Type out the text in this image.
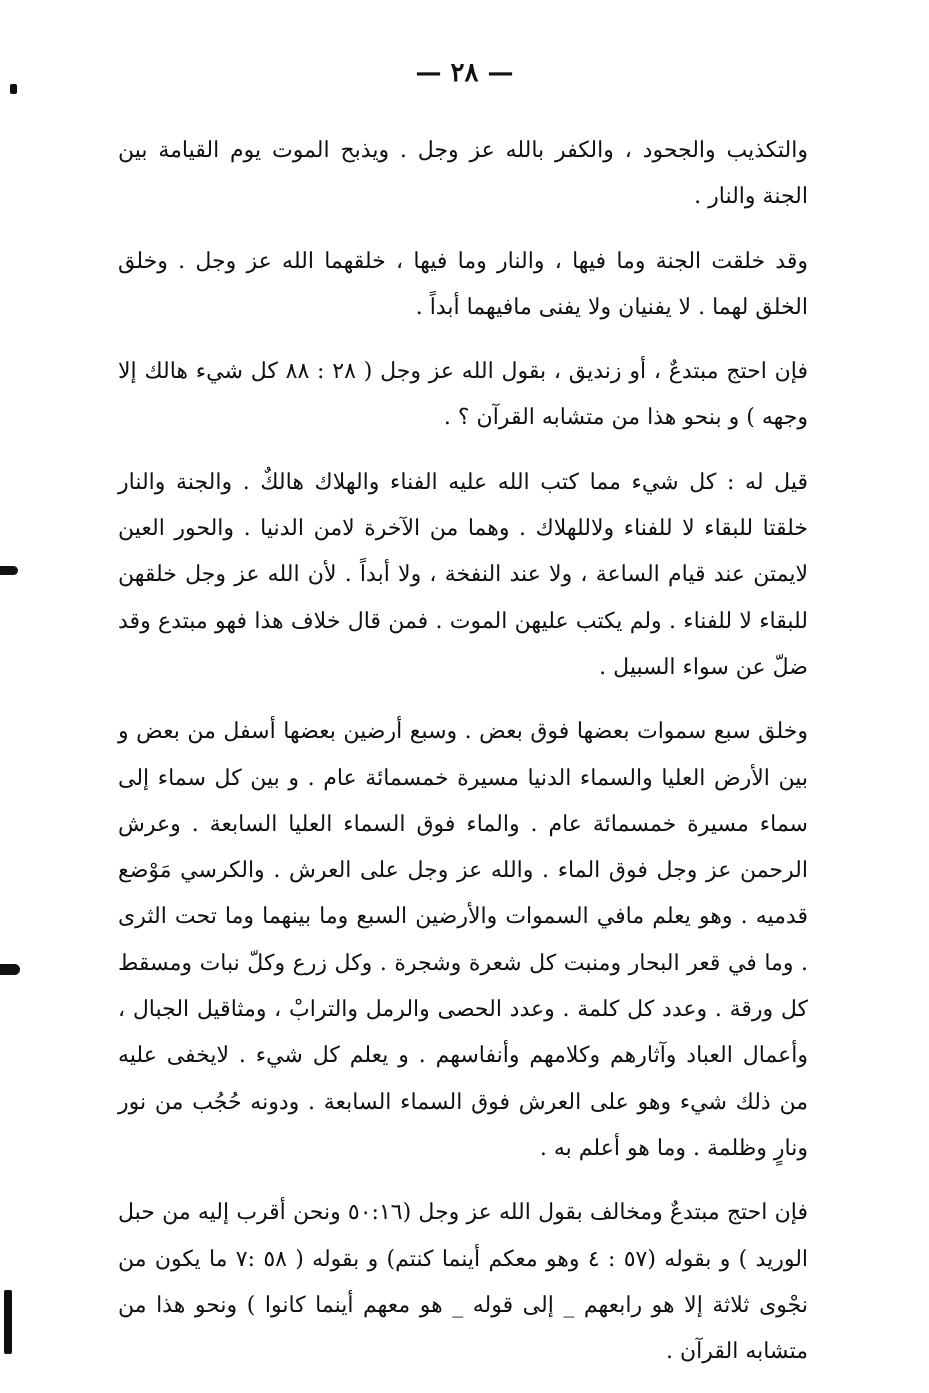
— ٢٨ —

والتكذيب والجحود ، والكفر بالله عز وجل . ويذبح الموت يوم القيامة بين الجنة والنار .

وقد خلقت الجنة وما فيها ، والنار وما فيها ، خلقهما الله عز وجل . وخلق الخلق لهما . لا يفنيان ولا يفنى مافيهما أبداً .

فإن احتج مبتدعٌ ، أو زنديق ، بقول الله عز وجل ( ٢٨ : ٨٨ كل شيء هالك إلا وجهه ) و بنحو هذا من متشابه القرآن ؟ .

قيل له : كل شيء مما كتب الله عليه الفناء والهلاك هالكٌ . والجنة والنار خلقتا للبقاء لا للفناء ولاللهلاك . وهما من الآخرة لامن الدنيا . والحور العين لايمتن عند قيام الساعة ، ولا عند النفخة ، ولا أبداً . لأن الله عز وجل خلقهن للبقاء لا للفناء . ولم يكتب عليهن الموت . فمن قال خلاف هذا فهو مبتدع وقد ضلّ عن سواء السبيل .

وخلق سبع سموات بعضها فوق بعض . وسبع أرضين بعضها أسفل من بعض و بين الأرض العليا والسماء الدنيا مسيرة خمسمائة عام . و بين كل سماء إلى سماء مسيرة خمسمائة عام . والماء فوق السماء العليا السابعة . وعرش الرحمن عز وجل فوق الماء . والله عز وجل على العرش . والكرسي مَوْضع قدميه . وهو يعلم مافي السموات والأرضين السبع وما بينهما وما تحت الثرى . وما في قعر البحار ومنبت كل شعرة وشجرة . وكل زرع وكلّ نبات ومسقط كل ورقة . وعدد كل كلمة . وعدد الحصى والرمل والترابْ ، ومثاقيل الجبال ، وأعمال العباد وآثارهم وكلامهم وأنفاسهم . و يعلم كل شيء . لايخفى عليه من ذلك شيء وهو على العرش فوق السماء السابعة . ودونه حُجُب من نور ونارٍ وظلمة . وما هو أعلم به .

فإن احتج مبتدعٌ ومخالف بقول الله عز وجل (٥٠:١٦ ونحن أقرب إليه من حبل الوريد ) و بقوله (٥٧ : ٤ وهو معكم أينما كنتم) و بقوله ( ٥٨ :٧ ما يكون من نجْوى ثلاثة إلا هو رابعهم _ إلى قوله _ هو معهم أينما كانوا ) ونحو هذا من متشابه القرآن .
